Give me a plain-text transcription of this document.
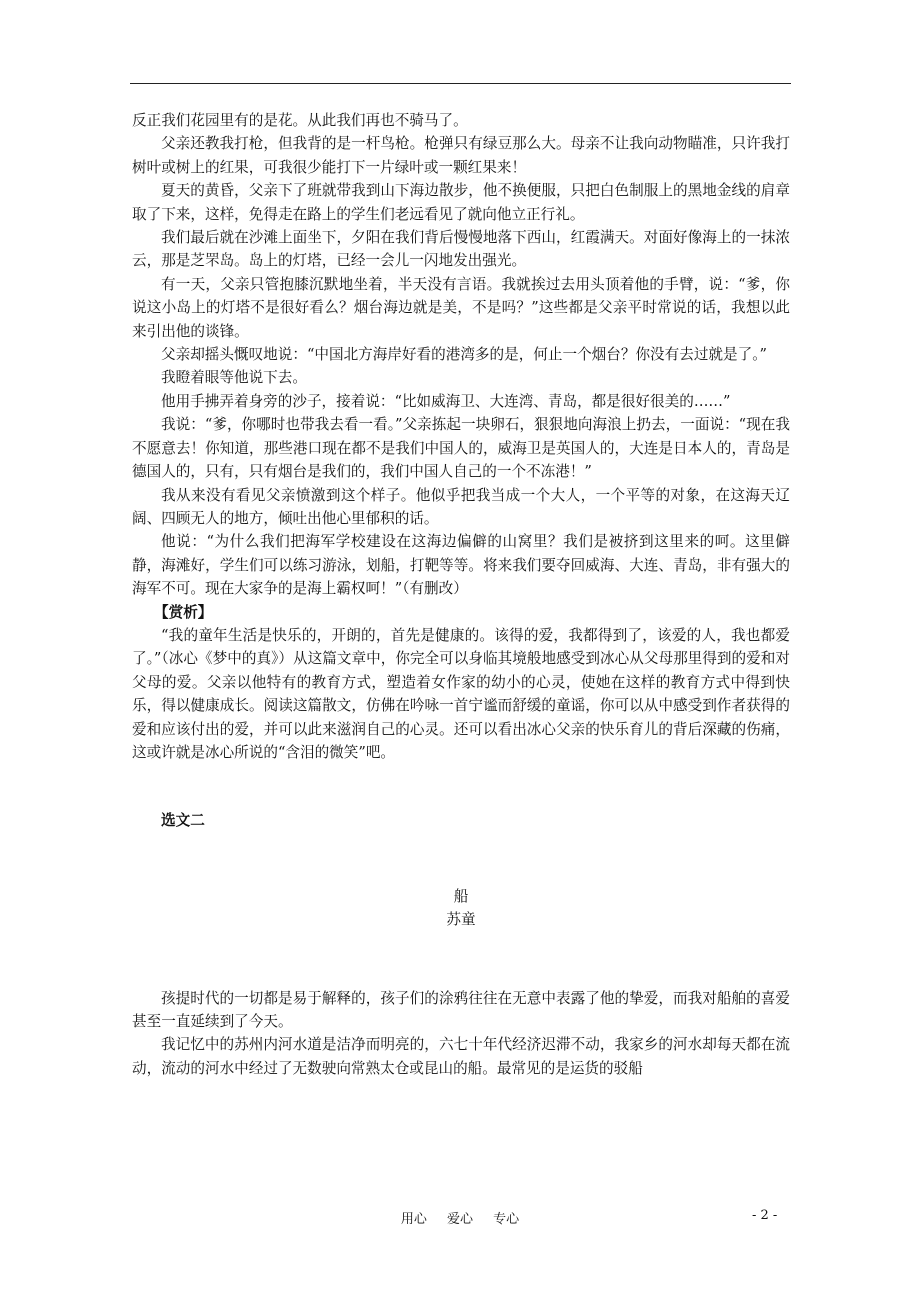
反正我们花园里有的是花。从此我们再也不骑马了。

父亲还教我打枪，但我背的是一杆鸟枪。枪弹只有绿豆那么大。母亲不让我向动物瞄准，只许我打树叶或树上的红果，可我很少能打下一片绿叶或一颗红果来！

夏天的黄昏，父亲下了班就带我到山下海边散步，他不换便服，只把白色制服上的黑地金线的肩章取了下来，这样，免得走在路上的学生们老远看见了就向他立正行礼。

我们最后就在沙滩上面坐下，夕阳在我们背后慢慢地落下西山，红霞满天。对面好像海上的一抹浓云，那是芝罘岛。岛上的灯塔，已经一会儿一闪地发出强光。

有一天，父亲只管抱膝沉默地坐着，半天没有言语。我就挨过去用头顶着他的手臂，说：“爹，你说这小岛上的灯塔不是很好看么？烟台海边就是美，不是吗？”这些都是父亲平时常说的话，我想以此来引出他的谈锋。

父亲却摇头慨叹地说：“中国北方海岸好看的港湾多的是，何止一个烟台？你没有去过就是了。”

我瞪着眼等他说下去。

他用手拂弄着身旁的沙子，接着说：“比如威海卫、大连湾、青岛，都是很好很美的……”

我说：“爹，你哪时也带我去看一看。”父亲拣起一块卵石，狠狠地向海浪上扔去，一面说：“现在我不愿意去！你知道，那些港口现在都不是我们中国人的，威海卫是英国人的，大连是日本人的，青岛是德国人的，只有，只有烟台是我们的，我们中国人自己的一个不冻港！”

我从来没有看见父亲愤激到这个样子。他似乎把我当成一个大人，一个平等的对象，在这海天辽阔、四顾无人的地方，倾吐出他心里郁积的话。

他说：“为什么我们把海军学校建设在这海边偏僻的山窝里？我们是被挤到这里来的呵。这里僻静，海滩好，学生们可以练习游泳，划船，打靶等等。将来我们要夺回威海、大连、青岛，非有强大的海军不可。现在大家争的是海上霸权呵！”（有删改）

【赏析】

“我的童年生活是快乐的，开朗的，首先是健康的。该得的爱，我都得到了，该爱的人，我也都爱了。”（冰心《梦中的真》）从这篇文章中，你完全可以身临其境般地感受到冰心从父母那里得到的爱和对父母的爱。父亲以他特有的教育方式，塑造着女作家的幼小的心灵，使她在这样的教育方式中得到快乐，得以健康成长。阅读这篇散文，仿佛在吟咏一首宁谧而舒缓的童谣，你可以从中感受到作者获得的爱和应该付出的爱，并可以此来滋润自己的心灵。还可以看出冰心父亲的快乐育儿的背后深藏的伤痛，这或许就是冰心所说的“含泪的微笑”吧。

选文二

船

苏童

孩提时代的一切都是易于解释的，孩子们的涂鸦往往在无意中表露了他的挚爱，而我对船舶的喜爱甚至一直延续到了今天。

我记忆中的苏州内河水道是洁净而明亮的，六七十年代经济迟滞不动，我家乡的河水却每天都在流动，流动的河水中经过了无数驶向常熟太仓或昆山的船。最常见的是运货的驳船

用心 爱心 专心	- 2 -
